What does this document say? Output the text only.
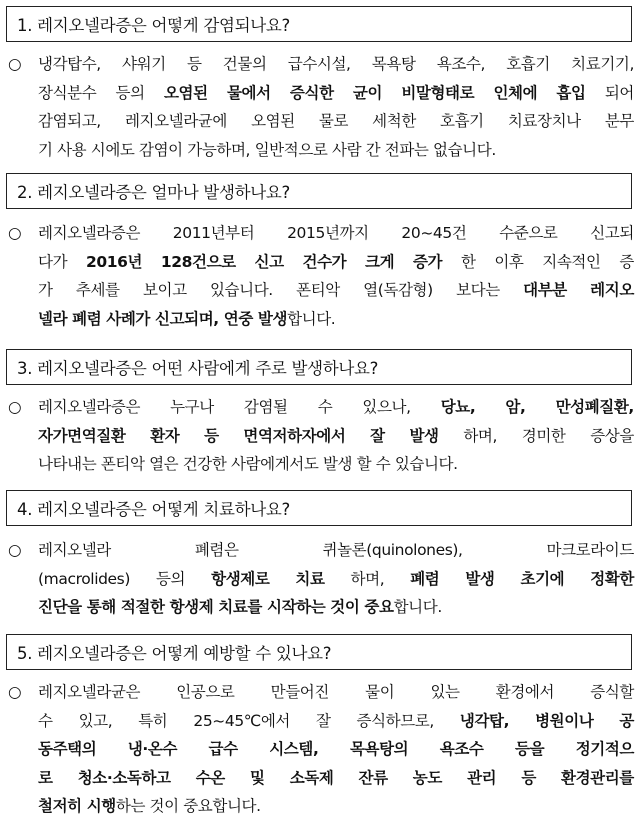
1. 레지오넬라증은 어떻게 감염되나요?
○	냉각탑수, 샤워기 등 건물의 급수시설, 목욕탕 욕조수, 호흡기 치료기기,
장식분수 등의 오염된 물에서 증식한 균이 비말형태로 인체에 흡입 되어
감염되고, 레지오넬라균에 오염된 물로 세척한 호흡기 치료장치나 분무
기 사용 시에도 감염이 가능하며, 일반적으로 사람 간 전파는 없습니다.
2. 레지오넬라증은 얼마나 발생하나요?
○	레지오넬라증은 2011년부터 2015년까지 20~45건 수준으로 신고되
다가 2016년 128건으로 신고 건수가 크게 증가 한 이후 지속적인 증
가 추세를 보이고 있습니다. 폰티악 열(독감형) 보다는 대부분 레지오
넬라 폐렴 사례가 신고되며, 연중 발생 합니다.
3. 레지오넬라증은 어떤 사람에게 주로 발생하나요?
○	레지오넬라증은 누구나 감염될 수 있으나, 당뇨, 암, 만성폐질환,
자가면역질환 환자 등 면역저하자에서 잘 발생 하며, 경미한 증상을
나타내는 폰티악 열은 건강한 사람에게서도 발생 할 수 있습니다.
4. 레지오넬라증은 어떻게 치료하나요?
○	레지오넬라	폐렴은	퀴놀론(quinolones),	마크로라이드
(macrolides) 등의 항생제로 치료 하며, 폐렴 발생 초기에 정확한
진단을 통해 적절한 항생제 치료를 시작하는 것이 중요 합니다.
5. 레지오넬라증은 어떻게 예방할 수 있나요?
○	레지오넬라균은 인공으로 만들어진 물이 있는 환경에서 증식할
수 있고, 특히 25~45℃에서 잘 증식하므로, 냉각탑, 병원이나 공
동주택의 냉·온수 급수 시스템, 목욕탕의 욕조수 등을 정기적으
로 청소·소독하고 수온 및 소독제 잔류 농도 관리 등 환경관리를
철저히 시행 하는 것이 중요합니다.
